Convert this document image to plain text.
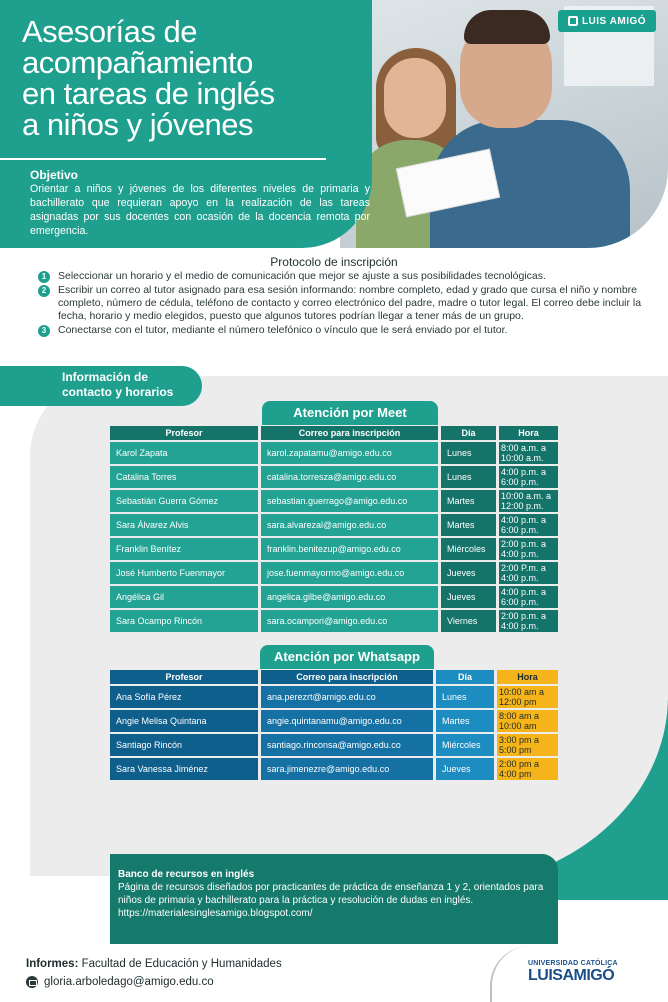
LUIS AMIGÓ
Asesorías de
acompañamiento
en tareas de inglés
a niños y jóvenes
Objetivo
Orientar a niños y jóvenes de los diferentes niveles de primaria y bachillerato que requieran apoyo en la realización de las tareas asignadas por sus docentes con ocasión de la docencia remota por emergencia.
Protocolo de inscripción
1	Seleccionar un horario y el medio de comunicación que mejor se ajuste a sus posibilidades tecnológicas.
2	Escribir un correo al tutor asignado para esa sesión informando: nombre completo, edad y grado que cursa el niño y nombre completo, número de cédula, teléfono de contacto y correo electrónico del padre, madre o tutor legal. El correo debe incluir la fecha, horario y medio elegidos, puesto que algunos tutores podrían llegar a tener más de un grupo.
3	Conectarse con el tutor, mediante el número telefónico o vínculo que le será enviado por el tutor.
Información de
contacto y horarios
Atención por Meet
Profesor	Correo para inscripción	Día	Hora
Karol Zapata	karol.zapatamu@amigo.edu.co	Lunes	8:00 a.m. a
10:00 a.m.
Catalina Torres	catalina.torresza@amigo.edu.co	Lunes	4:00 p.m. a
6:00 p.m.
Sebastián Guerra Gómez	sebastian.guerrago@amigo.edu.co	Martes	10:00 a.m. a
12:00 p.m.
Sara Álvarez Alvis	sara.alvarezal@amigo.edu.co	Martes	4:00 p.m. a
6:00 p.m.
Franklin Benítez	franklin.benitezup@amigo.edu.co	Miércoles	2:00 p.m. a
4:00 p.m.
José Humberto Fuenmayor	jose.fuenmayormo@amigo.edu.co	Jueves	2:00 P.m. a
4:00 p.m.
Angélica Gil	angelica.gilbe@amigo.edu.co	Jueves	4:00 p.m. a
6:00 p.m.
Sara Ocampo Rincón	sara.ocampori@amigo.edu.co	Viernes	2:00 p.m. a
4:00 p.m.
Atención por Whatsapp
Profesor	Correo para inscripción	Día	Hora
Ana Sofía Pérez	ana.perezrt@amigo.edu.co	Lunes	10:00 am a
12:00 pm
Angie Melisa Quintana	angie.quintanamu@amigo.edu.co	Martes	8:00 am a
10:00 am
Santiago Rincón	santiago.rinconsa@amigo.edu.co	Miércoles	3:00 pm a
5:00 pm
Sara Vanessa Jiménez	sara.jimenezre@amigo.edu.co	Jueves	2:00 pm a
4:00 pm
Banco de recursos en inglés
Página de recursos diseñados por practicantes de práctica de enseñanza 1 y 2, orientados para niños de primaria y bachillerato para la práctica y resolución de dudas en inglés.
https://materialesinglesamigo.blogspot.com/
Informes: Facultad de Educación y Humanidades
gloria.arboledago@amigo.edu.co
UNIVERSIDAD CATÓLICA
LUISAMIGÓ
